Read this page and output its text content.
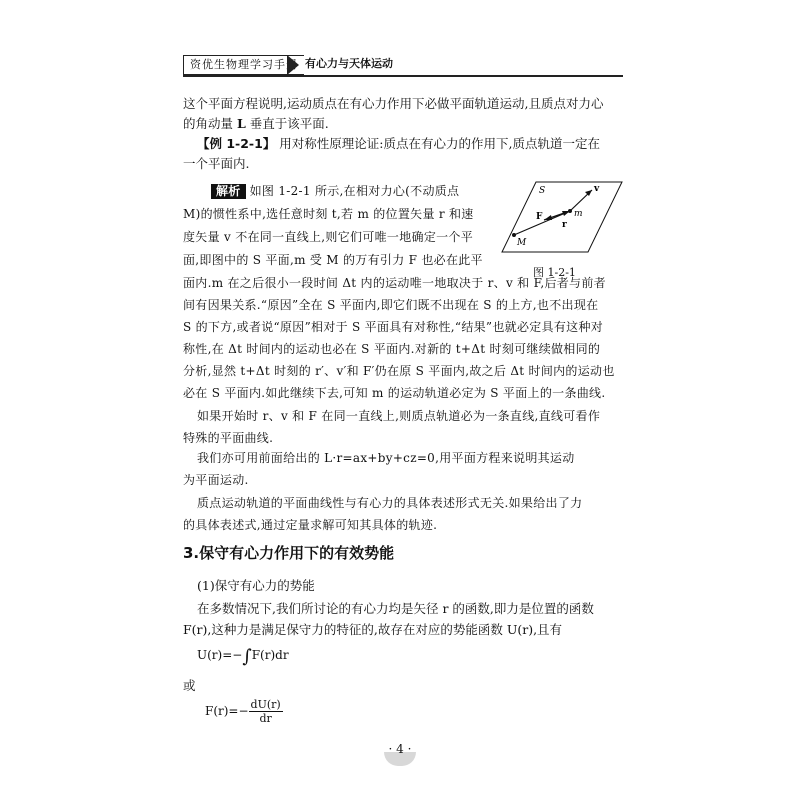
资优生物理学习手册 有心力与天体运动
这个平面方程说明,运动质点在有心力作用下必做平面轨道运动,且质点对力心
的角动量 L 垂直于该平面.
【例 1-2-1】 用对称性原理论证:质点在有心力的作用下,质点轨道一定在
一个平面内.
解析 如图 1-2-1 所示,在相对力心(不动质点
M)的惯性系中,选任意时刻 t,若 m 的位置矢量 r 和速
度矢量 v 不在同一直线上,则它们可唯一地确定一个平
面,即图中的 S 平面,m 受 M 的万有引力 F 也必在此平
面内.m 在之后很小一段时间 Δt 内的运动唯一地取决于 r、v 和 F,后者与前者
间有因果关系.“原因”全在 S 平面内,即它们既不出现在 S 的上方,也不出现在
S 的下方,或者说“原因”相对于 S 平面具有对称性,“结果”也就必定具有这种对
称性,在 Δt 时间内的运动也必在 S 平面内.对新的 t+Δt 时刻可继续做相同的
分析,显然 t+Δt 时刻的 r′、v′和 F′仍在原 S 平面内,故之后 Δt 时间内的运动也
必在 S 平面内.如此继续下去,可知 m 的运动轨道必定为 S 平面上的一条曲线.
如果开始时 r、v 和 F 在同一直线上,则质点轨道必为一条直线,直线可看作
特殊的平面曲线.
我们亦可用前面给出的 L·r=ax+by+cz=0,用平面方程来说明其运动
为平面运动.
质点运动轨道的平面曲线性与有心力的具体表述形式无关.如果给出了力
的具体表述式,通过定量求解可知其具体的轨迹.
S	v
m
F
r
M
图 1-2-1
3.保守有心力作用下的有效势能
(1)保守有心力的势能
在多数情况下,我们所讨论的有心力均是矢径 r 的函数,即力是位置的函数
F(r),这种力是满足保守力的特征的,故存在对应的势能函数 U(r),且有
U(r)=−∫F(r)dr
或
$F(r)=- \frac{dU(r)}{dr}$
· 4 ·
